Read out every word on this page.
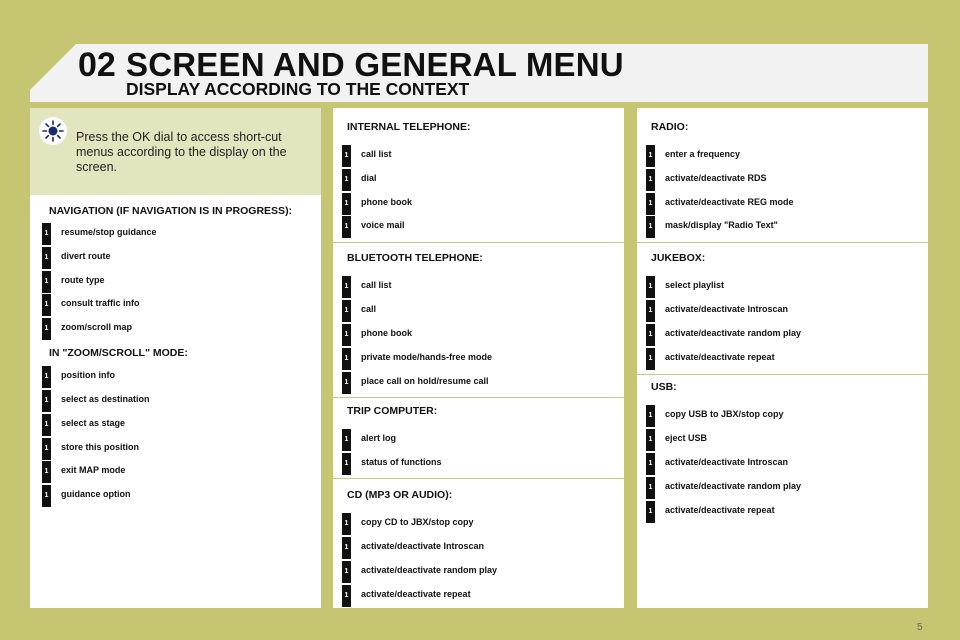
02 SCREEN AND GENERAL MENU
DISPLAY ACCORDING TO THE CONTEXT
Press the OK dial to access short-cut menus according to the display on the screen.
NAVIGATION (IF NAVIGATION IS IN PROGRESS):
1 resume/stop guidance
1 divert route
1 route type
1 consult traffic info
1 zoom/scroll map
IN "ZOOM/SCROLL" MODE:
1 position info
1 select as destination
1 select as stage
1 store this position
1 exit MAP mode
1 guidance option
INTERNAL TELEPHONE:
1 call list
1 dial
1 phone book
1 voice mail
BLUETOOTH TELEPHONE:
1 call list
1 call
1 phone book
1 private mode/hands-free mode
1 place call on hold/resume call
TRIP COMPUTER:
1 alert log
1 status of functions
CD (MP3 OR AUDIO):
1 copy CD to JBX/stop copy
1 activate/deactivate Introscan
1 activate/deactivate random play
1 activate/deactivate repeat
RADIO:
1 enter a frequency
1 activate/deactivate RDS
1 activate/deactivate REG mode
1 mask/display "Radio Text"
JUKEBOX:
1 select playlist
1 activate/deactivate Introscan
1 activate/deactivate random play
1 activate/deactivate repeat
USB:
1 copy USB to JBX/stop copy
1 eject USB
1 activate/deactivate Introscan
1 activate/deactivate random play
1 activate/deactivate repeat
5
